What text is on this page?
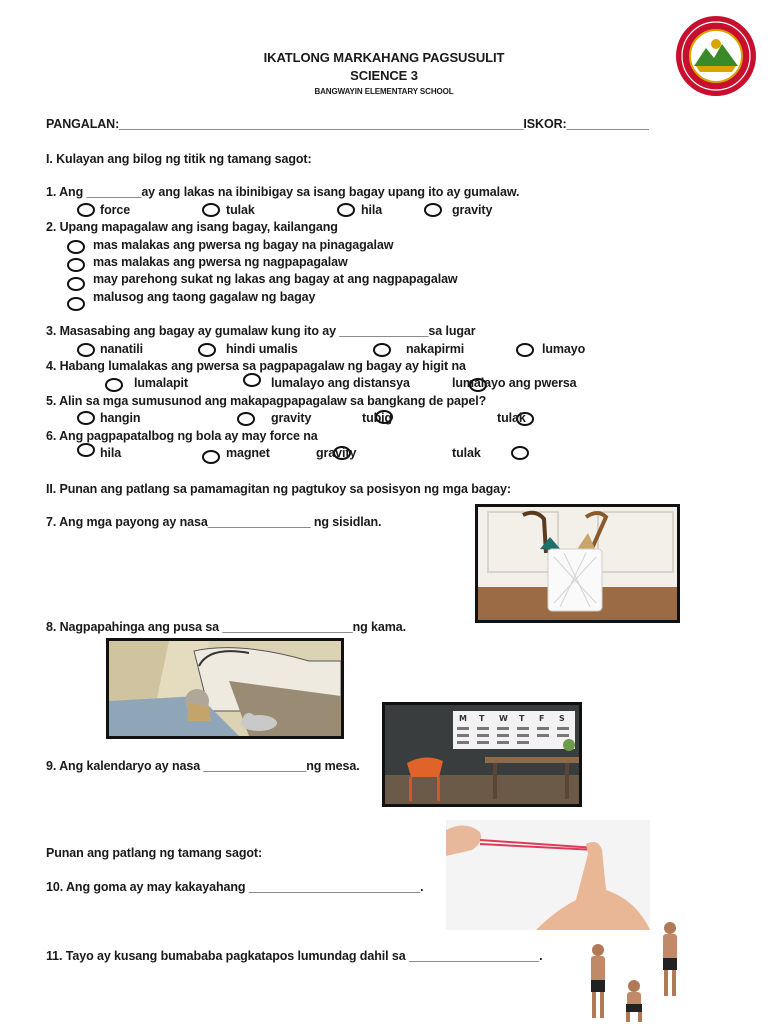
IKATLONG MARKAHANG PAGSUSULIT
SCIENCE 3
BANGWAYIN ELEMENTARY SCHOOL
PANGALAN:___________________________________________________________ISKOR:____________
I. Kulayan ang bilog ng titik ng tamang sagot:
1. Ang ________ay ang lakas na ibinibigay sa isang bagay upang ito ay gumalaw.
force	tulak	hila	gravity
2. Upang mapagalaw ang isang bagay, kailangang
mas malakas ang pwersa ng bagay na pinagagalaw
mas malakas ang pwersa ng nagpapagalaw
may parehong sukat ng lakas ang bagay at ang nagpapagalaw
malusog ang taong gagalaw ng bagay
3. Masasabing ang bagay ay gumalaw kung ito ay _____________sa lugar
nanatili	hindi umalis	nakapirmi	lumayo
4. Habang lumalakas ang pwersa sa pagpapagalaw ng bagay ay higit na
lumalapit	lumalayo ang distansya	lumalayo ang pwersa
5. Alin sa mga sumusunod ang makapagpapagalaw sa bangkang de papel?
hangin	gravity	tubig	tulak
6. Ang pagpapatalbog ng bola ay may force na
hila	magnet	gravity	tulak
II. Punan ang patlang sa pamamagitan ng pagtukoy sa posisyon ng mga bagay:
7. Ang mga payong ay nasa_______________ ng sisidlan.
8. Nagpapahinga ang pusa sa ___________________ng kama.
9. Ang kalendaryo ay nasa _______________ng mesa.
M T W T F S
Punan ang patlang ng tamang sagot:
10. Ang goma ay may kakayahang _________________________.
11. Tayo ay kusang bumababa pagkatapos lumundag dahil sa ___________________.
